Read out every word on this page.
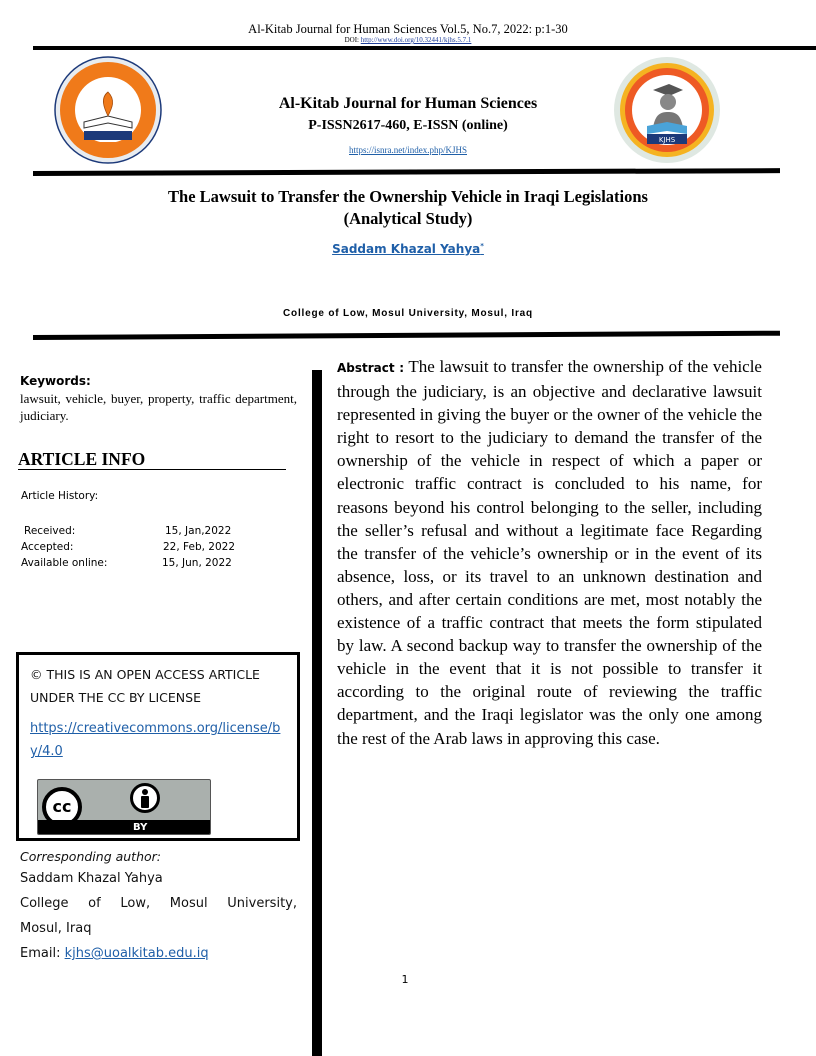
Al-Kitab Journal for Human Sciences Vol.5, No.7, 2022: p:1-30
DOI: http://www.doi.org/10.32441/kjhs.5.7.1
KJHS
Al-Kitab Journal for Human Sciences
P-ISSN2617-460, E-ISSN (online)
https://isnra.net/index.php/KJHS
The Lawsuit to Transfer the Ownership Vehicle in Iraqi Legislations
(Analytical Study)
Saddam Khazal Yahya*
College of Low, Mosul University, Mosul, Iraq
Keywords:
lawsuit, vehicle, buyer, property, traffic department, judiciary.
ARTICLE INFO
Article History:
Received:	15, Jan,2022
Accepted:	22, Feb, 2022
Available online:	15, Jun, 2022
© THIS IS AN OPEN ACCESS ARTICLE UNDER THE CC BY LICENSE
https://creativecommons.org/license/by/4.0
cc
BY
Corresponding author:
Saddam Khazal Yahya
College of Low, Mosul University,
Mosul, Iraq
Email: kjhs@uoalkitab.edu.iq
Abstract : The lawsuit to transfer the ownership of the vehicle through the judiciary, is an objective and declarative lawsuit represented in giving the buyer or the owner of the vehicle the right to resort to the judiciary to demand the transfer of the ownership of the vehicle in respect of which a paper or electronic traffic contract is concluded to his name, for reasons beyond his control belonging to the seller, including the seller’s refusal and without a legitimate face Regarding the transfer of the vehicle’s ownership or in the event of its absence, loss, or its travel to an unknown destination and others, and after certain conditions are met, most notably the existence of a traffic contract that meets the form stipulated by law. A second backup way to transfer the ownership of the vehicle in the event that it is not possible to transfer it according to the original route of reviewing the traffic department, and the Iraqi legislator was the only one among the rest of the Arab laws in approving this case.
1
